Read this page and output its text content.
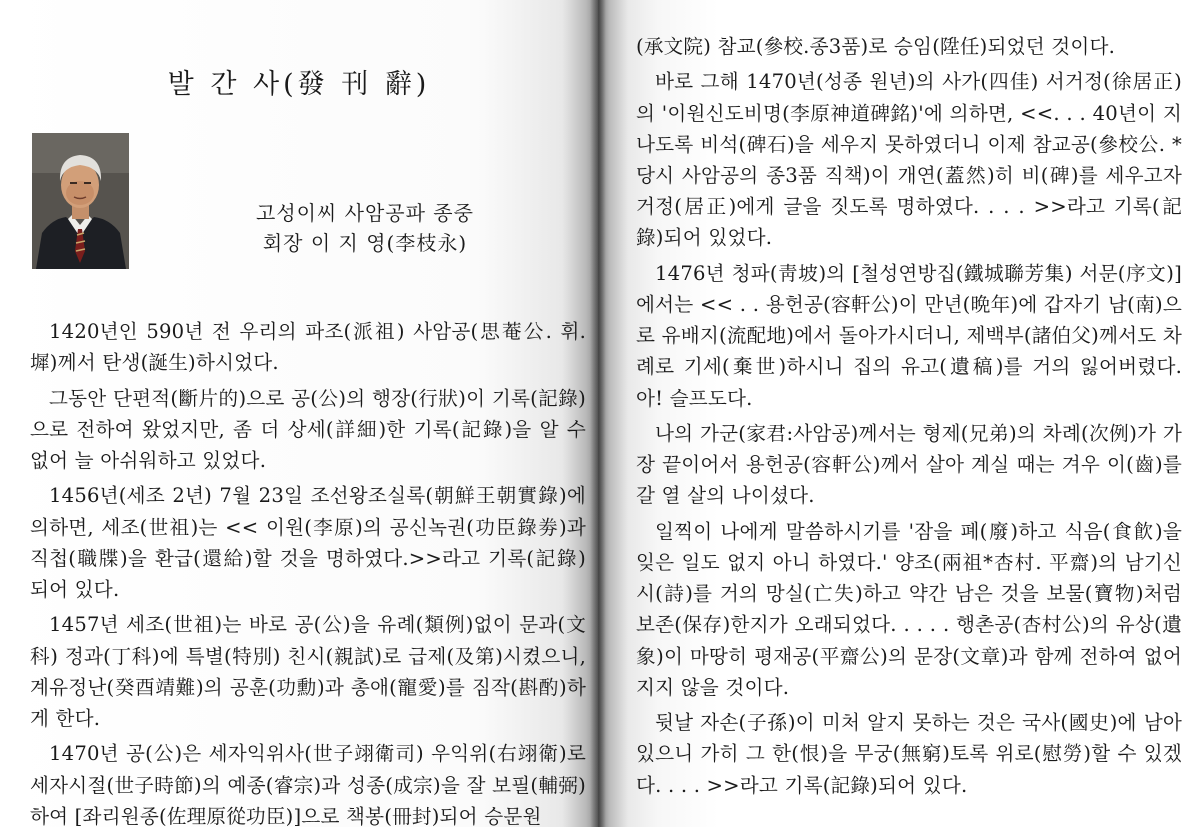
발 간 사(發 刊 辭)

고성이씨 사암공파 종중

회장 이 지 영(李枝永)

1420년인 590년 전 우리의 파조(派祖) 사암공(思菴公. 휘. 墀)께서 탄생(誕生)하시었다.

그동안 단편적(斷片的)으로 공(公)의 행장(行狀)이 기록(記錄)으로 전하여 왔었지만, 좀 더 상세(詳細)한 기록(記錄)을 알 수 없어 늘 아쉬워하고 있었다.

1456년(세조 2년) 7월 23일 조선왕조실록(朝鮮王朝實錄)에 의하면, 세조(世祖)는 << 이원(李原)의 공신녹권(功臣錄劵)과 직첩(職牒)을 환급(還給)할 것을 명하였다.>>라고 기록(記錄)되어 있다.

1457년 세조(世祖)는 바로 공(公)을 유례(類例)없이 문과(文科) 정과(丁科)에 특별(特別) 친시(親試)로 급제(及第)시켰으니, 계유정난(癸酉靖難)의 공훈(功勳)과 총애(寵愛)를 짐작(斟酌)하게 한다.

1470년 공(公)은 세자익위사(世子翊衛司) 우익위(右翊衛)로 세자시절(世子時節)의 예종(睿宗)과 성종(成宗)을 잘 보필(輔弼)하여 [좌리원종(佐理原從功臣)]으로 책봉(冊封)되어 승문원

(承文院) 참교(參校.종3품)로 승임(陞任)되었던 것이다.

바로 그해 1470년(성종 원년)의 사가(四佳) 서거정(徐居正)의 '이원신도비명(李原神道碑銘)'에 의하면, <<. . . 40년이 지나도록 비석(碑石)을 세우지 못하였더니 이제 참교공(參校公. *당시 사암공의 종3품 직책)이 개연(蓋然)히 비(碑)를 세우고자 거정(居正)에게 글을 짓도록 명하였다. . . . >>라고 기록(記錄)되어 있었다.

1476년 청파(靑坡)의 [철성연방집(鐵城聯芳集) 서문(序文)]에서는 << . . 용헌공(容軒公)이 만년(晩年)에 갑자기 남(南)으로 유배지(流配地)에서 돌아가시더니, 제백부(諸伯父)께서도 차례로 기세(棄世)하시니 집의 유고(遺稿)를 거의 잃어버렸다. 아! 슬프도다.

나의 가군(家君:사암공)께서는 형제(兄弟)의 차례(次例)가 가장 끝이어서 용헌공(容軒公)께서 살아 계실 때는 겨우 이(齒)를 갈 열 살의 나이셨다.

일찍이 나에게 말씀하시기를 '잠을 폐(廢)하고 식음(食飮)을 잊은 일도 없지 아니 하였다.' 양조(兩祖*杏村. 平齋)의 남기신 시(詩)를 거의 망실(亡失)하고 약간 남은 것을 보물(寶物)처럼 보존(保存)한지가 오래되었다. . . . . 행촌공(杏村公)의 유상(遺象)이 마땅히 평재공(平齋公)의 문장(文章)과 함께 전하여 없어지지 않을 것이다.

뒷날 자손(子孫)이 미처 알지 못하는 것은 국사(國史)에 남아 있으니 가히 그 한(恨)을 무궁(無窮)토록 위로(慰勞)할 수 있겠다. . . . >>라고 기록(記錄)되어 있다.
